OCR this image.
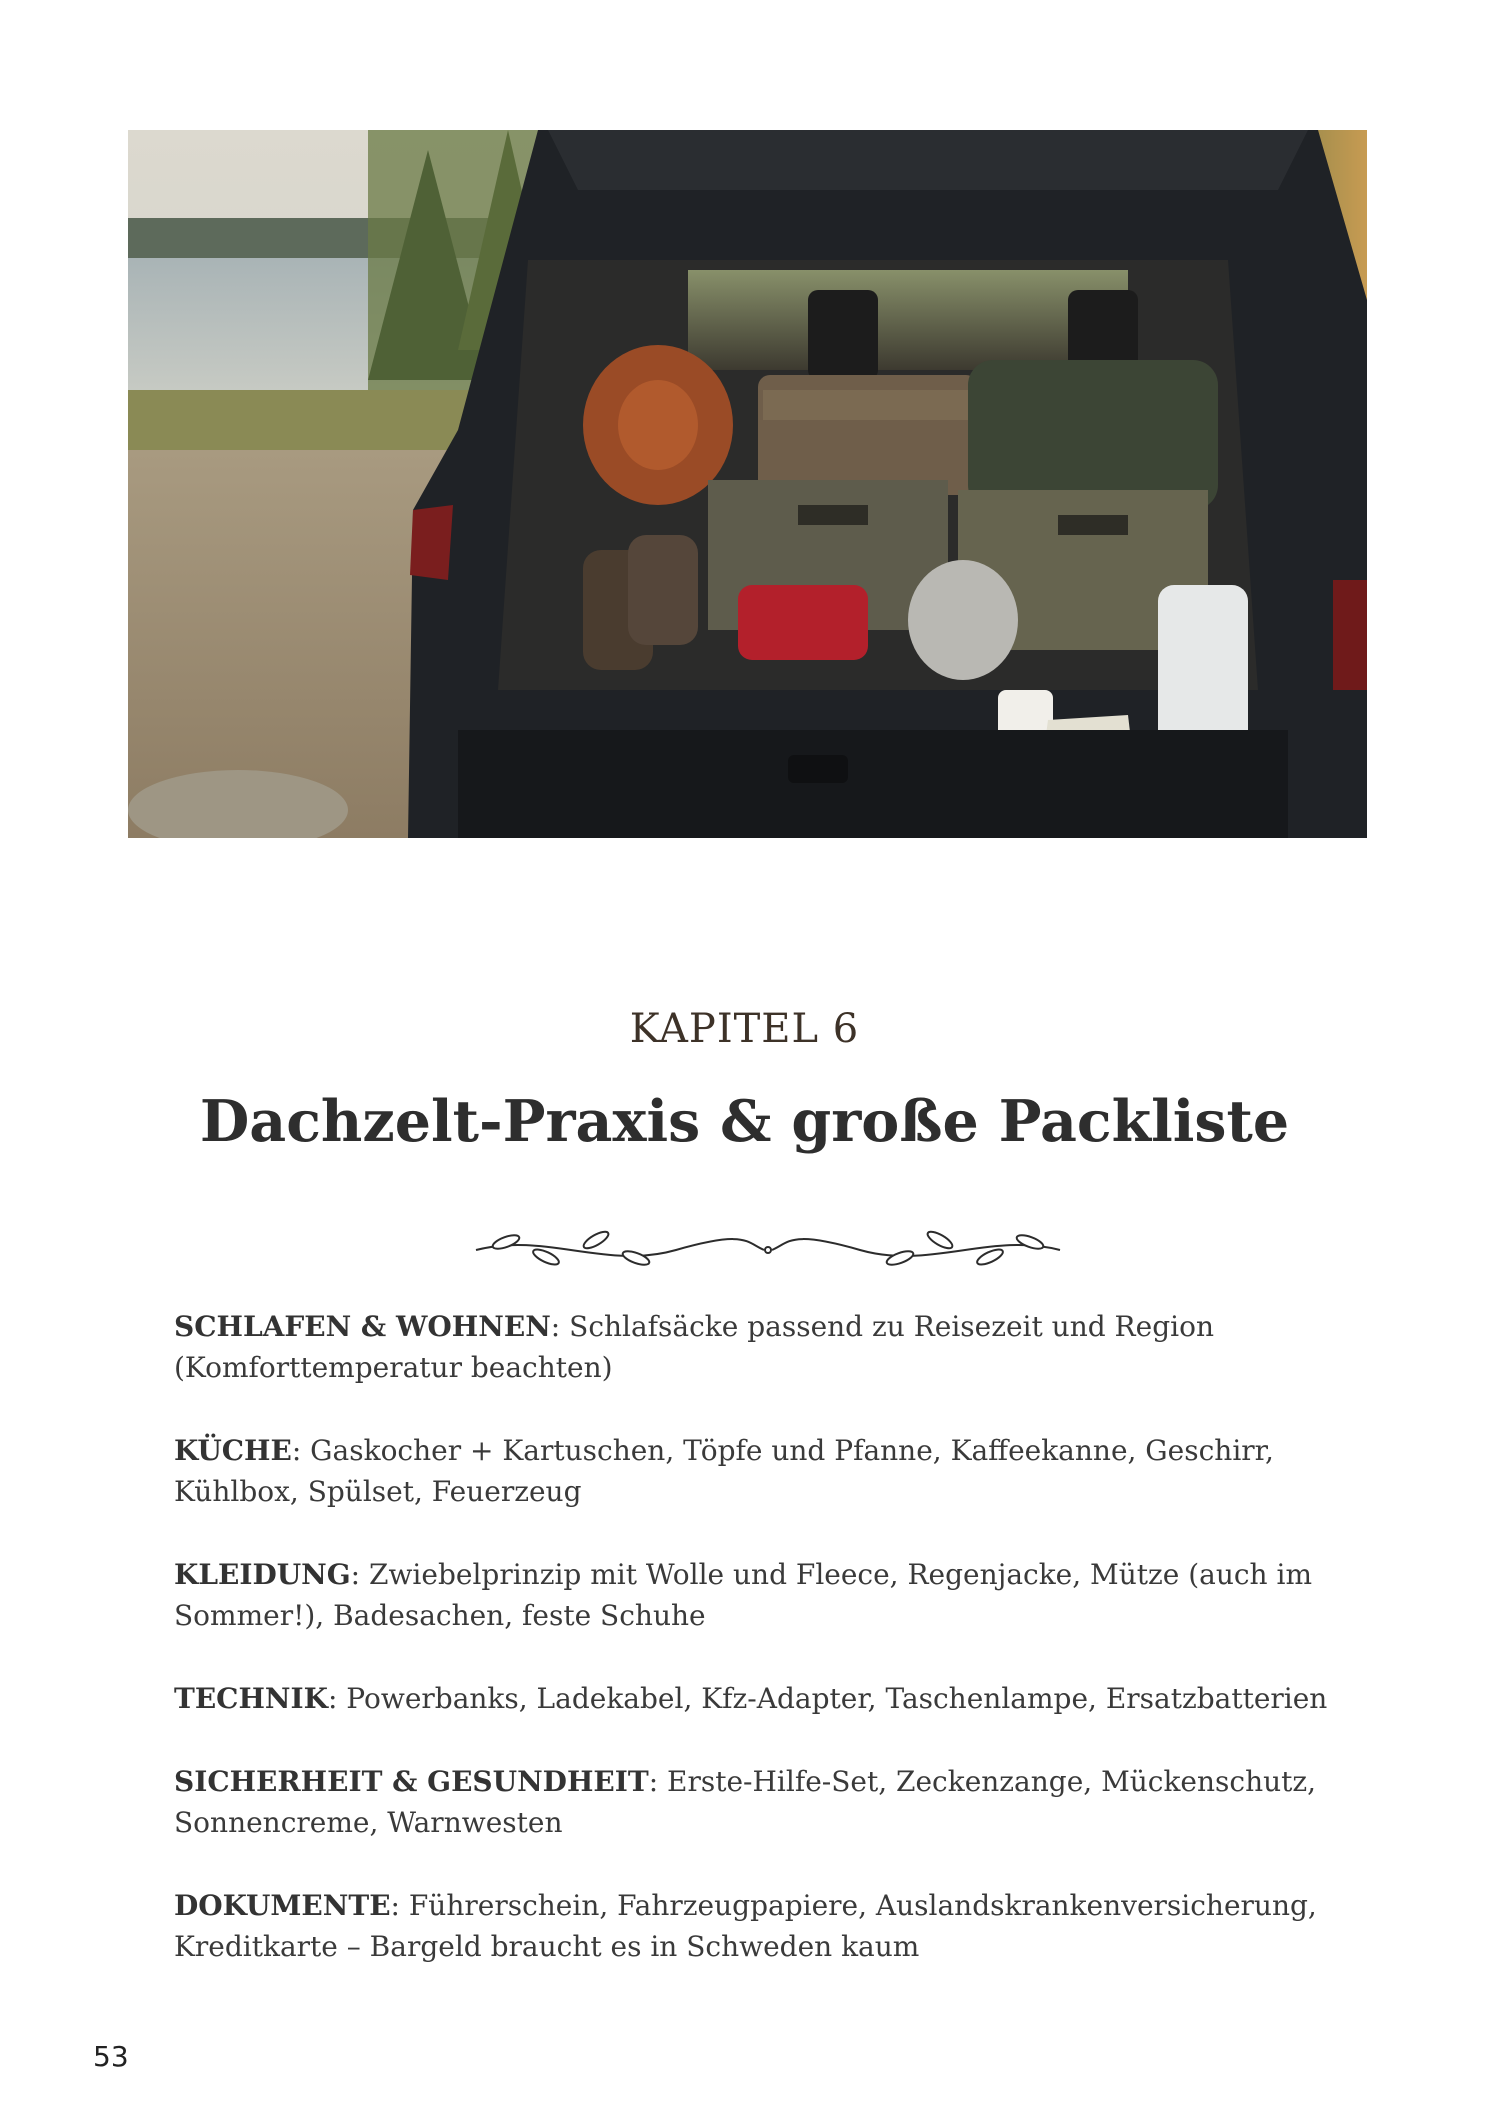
KAPITEL 6
Dachzelt-Praxis & große Packliste
SCHLAFEN & WOHNEN: Schlafsäcke passend zu Reisezeit und Region (Komforttemperatur beachten)
KÜCHE: Gaskocher + Kartuschen, Töpfe und Pfanne, Kaffeekanne, Geschirr, Kühlbox, Spülset, Feuerzeug
KLEIDUNG: Zwiebelprinzip mit Wolle und Fleece, Regenjacke, Mütze (auch im Sommer!), Badesachen, feste Schuhe
TECHNIK: Powerbanks, Ladekabel, Kfz-Adapter, Taschenlampe, Ersatzbatterien
SICHERHEIT & GESUNDHEIT: Erste-Hilfe-Set, Zeckenzange, Mückenschutz, Sonnencreme, Warnwesten
DOKUMENTE: Führerschein, Fahrzeugpapiere, Auslandskrankenversicherung, Kreditkarte – Bargeld braucht es in Schweden kaum
53
